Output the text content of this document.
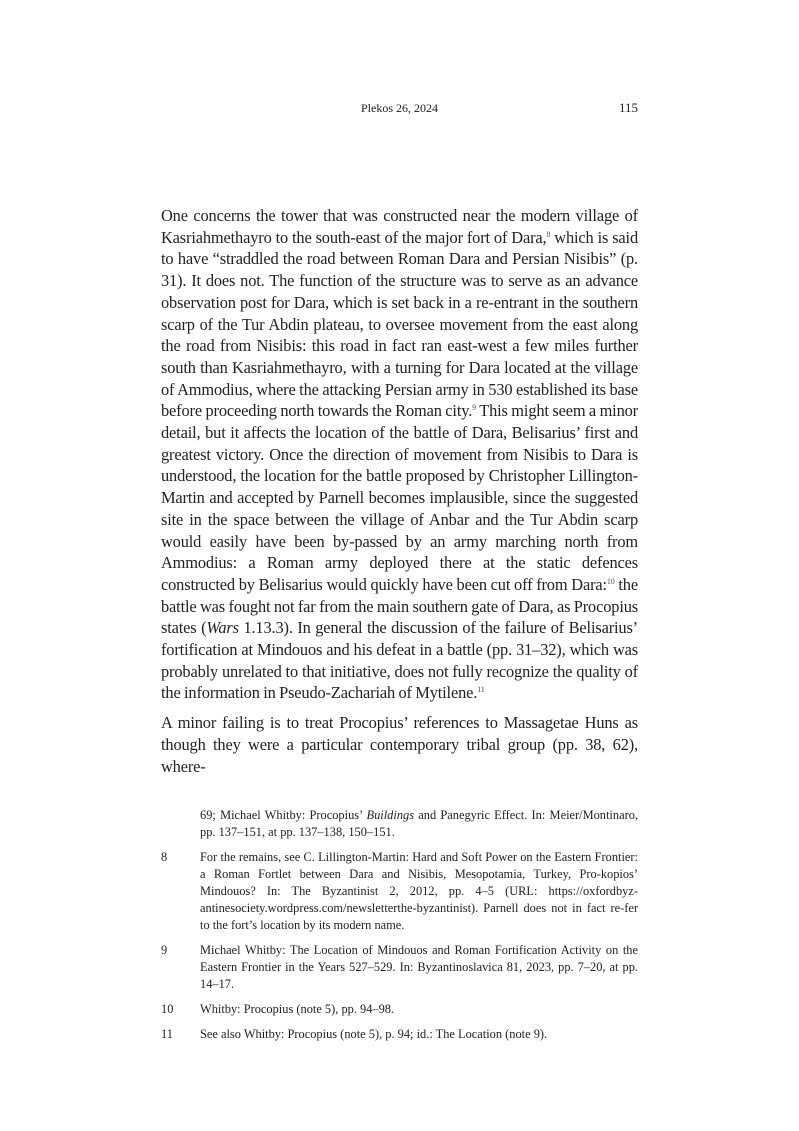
Plekos 26, 2024	115

One concerns the tower that was constructed near the modern village of Kasriahmethayro to the south-east of the major fort of Dara,$^8$ which is said to have “straddled the road between Roman Dara and Persian Nisibis” (p. 31). It does not. The function of the structure was to serve as an advance observation post for Dara, which is set back in a re-entrant in the southern scarp of the Tur Abdin plateau, to oversee movement from the east along the road from Nisibis: this road in fact ran east-west a few miles further south than Kasriahmethayro, with a turning for Dara located at the village of Ammodius, where the attacking Persian army in 530 established its base before proceeding north towards the Roman city.$^9$ This might seem a minor detail, but it affects the location of the battle of Dara, Belisarius’ first and greatest victory. Once the direction of movement from Nisibis to Dara is understood, the location for the battle proposed by Christopher Lillington-Martin and accepted by Parnell becomes implausible, since the suggested site in the space between the village of Anbar and the Tur Abdin scarp would easily have been by-passed by an army marching north from Ammodius: a Roman army deployed there at the static defences constructed by Belisarius would quickly have been cut off from Dara:$^{10}$ the battle was fought not far from the main southern gate of Dara, as Procopius states (Wars 1.13.3). In general the discussion of the failure of Belisarius’ fortification at Mindouos and his defeat in a battle (pp. 31–32), which was probably unrelated to that initiative, does not fully recognize the quality of the information in Pseudo-Zachariah of Mytilene.$^{11}$

A minor failing is to treat Procopius’ references to Massagetae Huns as though they were a particular contemporary tribal group (pp. 38, 62), where-

69; Michael Whitby: Procopius’ Buildings and Panegyric Effect. In: Meier/Montinaro, pp. 137–151, at pp. 137–138, 150–151.
8	For the remains, see C. Lillington-Martin: Hard and Soft Power on the Eastern Frontier: a Roman Fortlet between Dara and Nisibis, Mesopotamia, Turkey, Pro-kopios’ Mindouos? In: The Byzantinist 2, 2012, pp. 4–5 (URL: https://oxfordbyz-antinesociety.wordpress.com/newsletterthe-byzantinist). Parnell does not in fact re-fer to the fort’s location by its modern name.
9	Michael Whitby: The Location of Mindouos and Roman Fortification Activity on the Eastern Frontier in the Years 527–529. In: Byzantinoslavica 81, 2023, pp. 7–20, at pp. 14–17.
10	Whitby: Procopius (note 5), pp. 94–98.
11	See also Whitby: Procopius (note 5), p. 94; id.: The Location (note 9).
